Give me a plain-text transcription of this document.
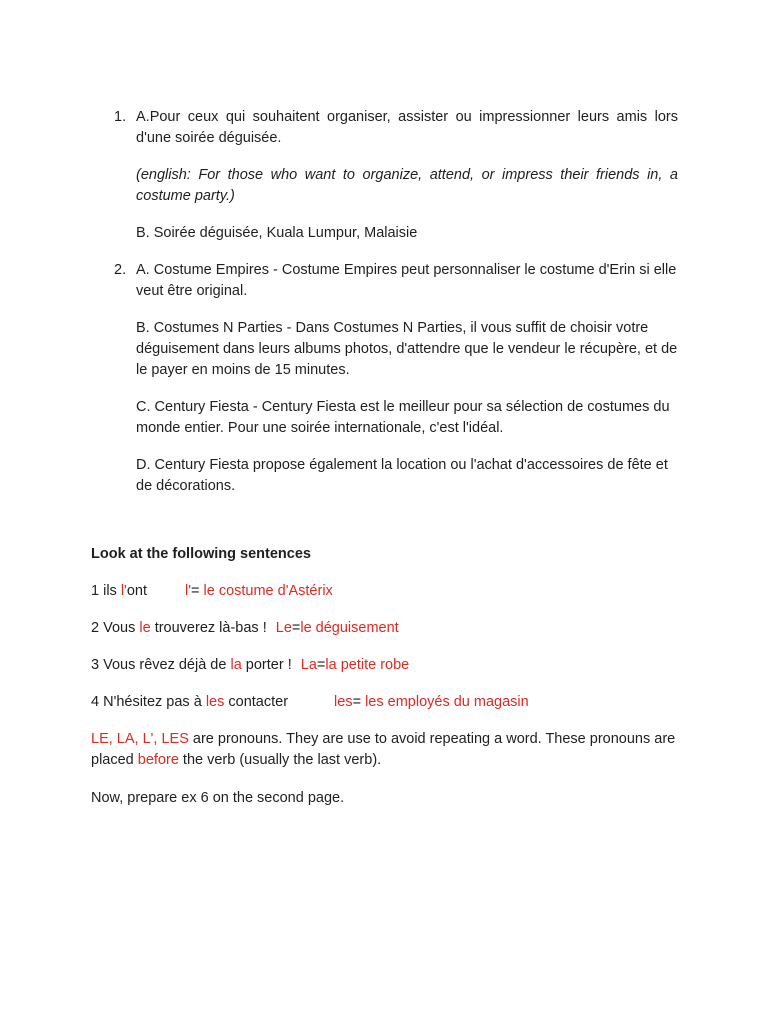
1. A.Pour ceux qui souhaitent organiser, assister ou impressionner leurs amis lors d'une soirée déguisée.

(english: For those who want to organize, attend, or impress their friends in, a costume party.)

B. Soirée déguisée, Kuala Lumpur, Malaisie

2. A. Costume Empires - Costume Empires peut personnaliser le costume d'Erin si elle veut être original.

B. Costumes N Parties - Dans Costumes N Parties, il vous suffit de choisir votre déguisement dans leurs albums photos, d'attendre que le vendeur le récupère, et de le payer en moins de 15 minutes.

C. Century Fiesta - Century Fiesta est le meilleur pour sa sélection de costumes du monde entier. Pour une soirée internationale, c'est l'idéal.

D. Century Fiesta propose également la location ou l'achat d'accessoires de fête et de décorations.

Look at the following sentences
1 ils l'ont	l'= le costume d'Astérix
2 Vous le trouverez là-bas ! Le=le déguisement
3 Vous rêvez déjà de la porter ! La=la petite robe
4 N'hésitez pas à les contacter	les= les employés du magasin
LE, LA, L', LES are pronouns. They are use to avoid repeating a word. These pronouns are placed before the verb (usually the last verb).
Now, prepare ex 6 on the second page.
